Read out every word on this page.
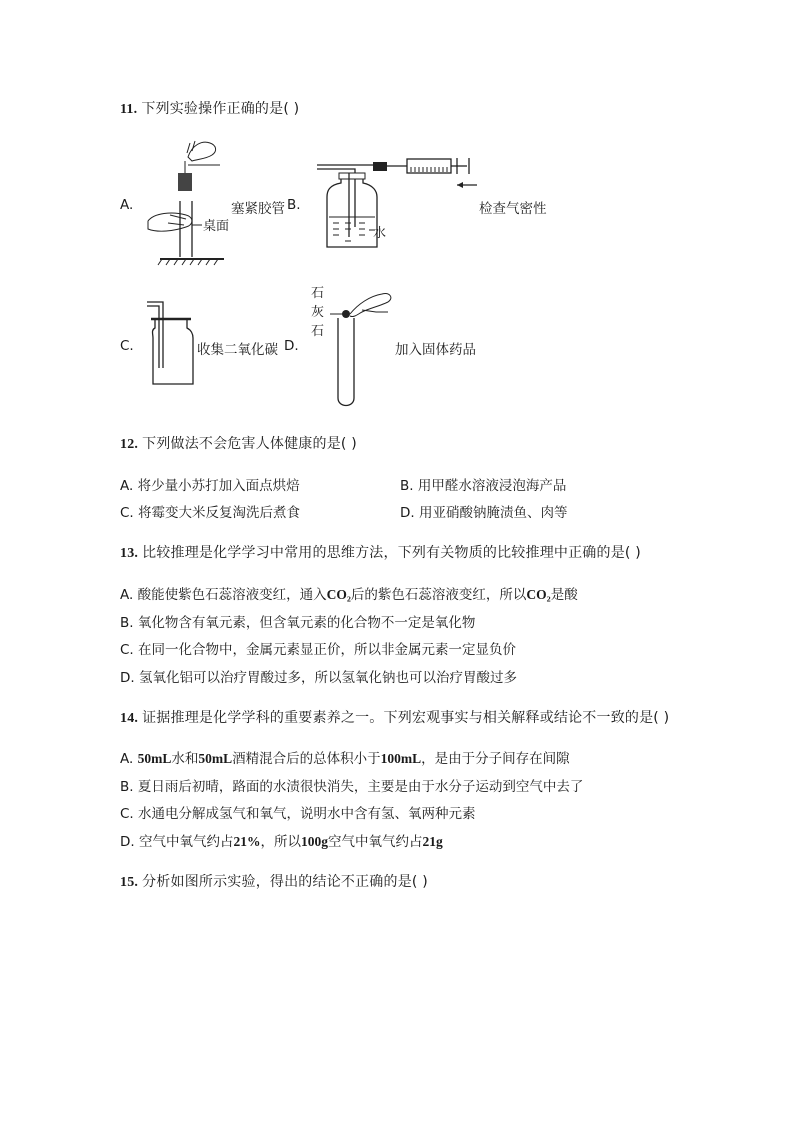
11. 下列实验操作正确的是( )
A.
桌面
塞紧胶管 B.
水
检查气密性
C.	收集二氧化碳 D.
石
灰
石
加入固体药品
12. 下列做法不会危害人体健康的是( )
A. 将少量小苏打加入面点烘焙	B. 用甲醛水溶液浸泡海产品
C. 将霉变大米反复淘洗后煮食	D. 用亚硝酸钠腌渍鱼、肉等
13. 比较推理是化学学习中常用的思维方法，下列有关物质的比较推理中正确的是( )
A. 酸能使紫色石蕊溶液变红，通入CO₂后的紫色石蕊溶液变红，所以CO₂是酸
B. 氧化物含有氧元素，但含氧元素的化合物不一定是氧化物
C. 在同一化合物中，金属元素显正价，所以非金属元素一定显负价
D. 氢氧化铝可以治疗胃酸过多，所以氢氧化钠也可以治疗胃酸过多
14. 证据推理是化学学科的重要素养之一。下列宏观事实与相关解释或结论不一致的是( )
A. 50mL水和50mL酒精混合后的总体积小于100mL，是由于分子间存在间隙
B. 夏日雨后初晴，路面的水渍很快消失，主要是由于水分子运动到空气中去了
C. 水通电分解成氢气和氧气，说明水中含有氢、氧两种元素
D. 空气中氧气约占21%，所以100g空气中氧气约占21g
15. 分析如图所示实验，得出的结论不正确的是( )
